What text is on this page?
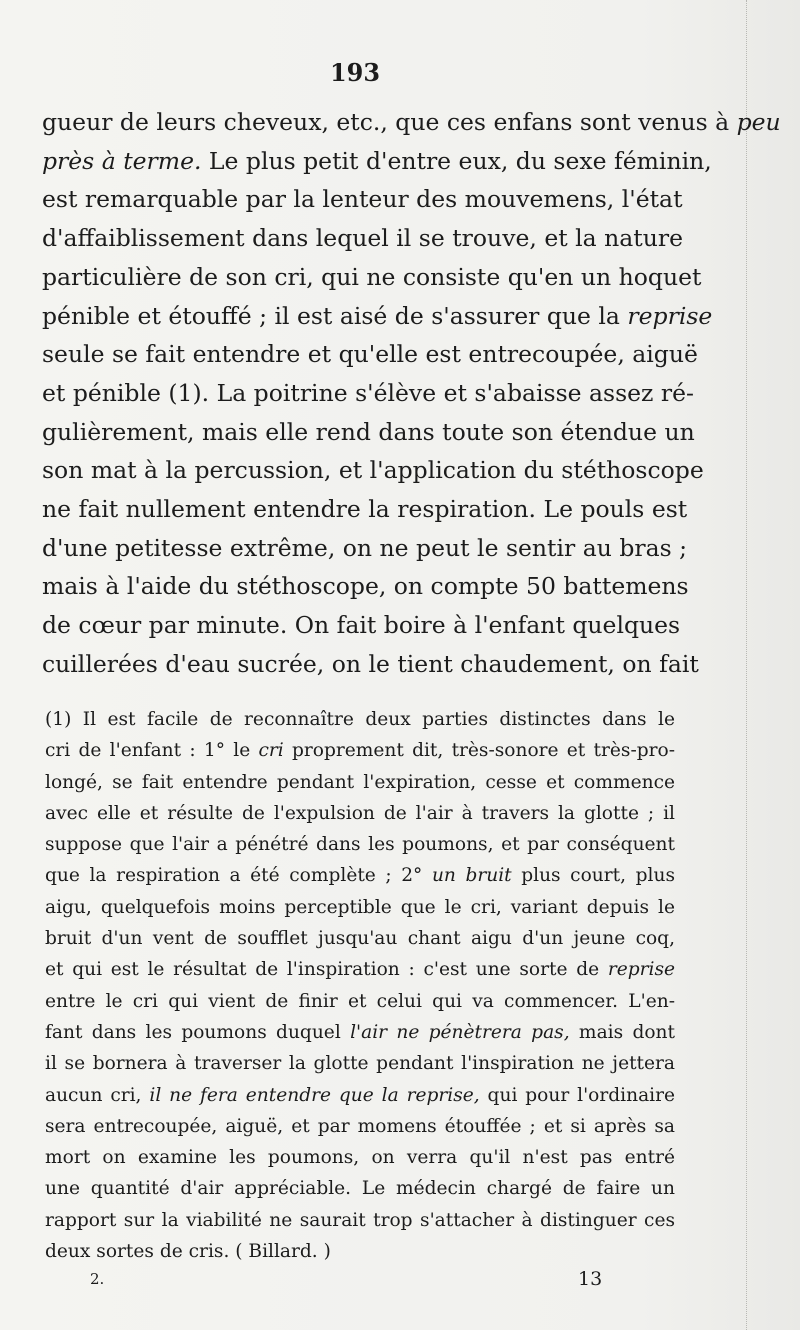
193
gueur de leurs cheveux, etc., que ces enfans sont venus à peu
près à terme. Le plus petit d'entre eux, du sexe féminin,
est remarquable par la lenteur des mouvemens, l'état
d'affaiblissement dans lequel il se trouve, et la nature
particulière de son cri, qui ne consiste qu'en un hoquet
pénible et étouffé ; il est aisé de s'assurer que la reprise
seule se fait entendre et qu'elle est entrecoupée, aiguë
et pénible (1). La poitrine s'élève et s'abaisse assez ré-
gulièrement, mais elle rend dans toute son étendue un
son mat à la percussion, et l'application du stéthoscope
ne fait nullement entendre la respiration. Le pouls est
d'une petitesse extrême, on ne peut le sentir au bras ;
mais à l'aide du stéthoscope, on compte 50 battemens
de cœur par minute. On fait boire à l'enfant quelques
cuillerées d'eau sucrée, on le tient chaudement, on fait
(1) Il est facile de reconnaître deux parties distinctes dans le
cri de l'enfant : 1° le cri proprement dit, très-sonore et très-pro-
longé, se fait entendre pendant l'expiration, cesse et commence
avec elle et résulte de l'expulsion de l'air à travers la glotte ; il
suppose que l'air a pénétré dans les poumons, et par conséquent
que la respiration a été complète ; 2° un bruit plus court, plus
aigu, quelquefois moins perceptible que le cri, variant depuis le
bruit d'un vent de soufflet jusqu'au chant aigu d'un jeune coq,
et qui est le résultat de l'inspiration : c'est une sorte de reprise
entre le cri qui vient de finir et celui qui va commencer. L'en-
fant dans les poumons duquel l'air ne pénètrera pas, mais dont
il se bornera à traverser la glotte pendant l'inspiration ne jettera
aucun cri, il ne fera entendre que la reprise, qui pour l'ordinaire
sera entrecoupée, aiguë, et par momens étouffée ; et si après sa
mort on examine les poumons, on verra qu'il n'est pas entré
une quantité d'air appréciable. Le médecin chargé de faire un
rapport sur la viabilité ne saurait trop s'attacher à distinguer ces
deux sortes de cris. ( Billard. )
2.	13
